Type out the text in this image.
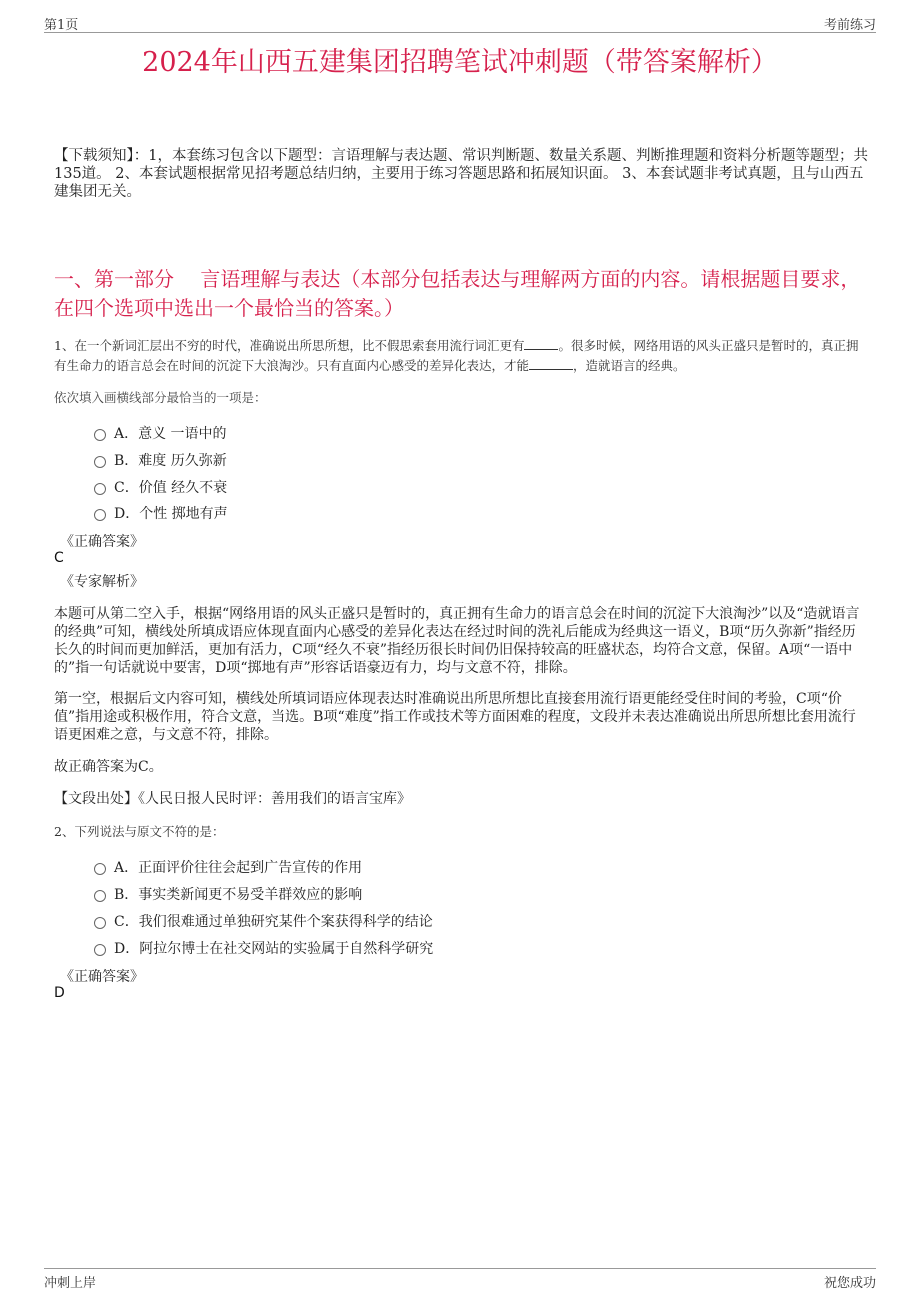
第1页	考前练习
2024年山西五建集团招聘笔试冲刺题（带答案解析）
【下载须知】：1，本套练习包含以下题型：言语理解与表达题、常识判断题、数量关系题、判断推理题和资料分析题等题型；共135道。 2、本套试题根据常见招考题总结归纳，主要用于练习答题思路和拓展知识面。 3、本套试题非考试真题，且与山西五建集团无关。
一、第一部分　 言语理解与表达（本部分包括表达与理解两方面的内容。请根据题目要求，在四个选项中选出一个最恰当的答案。）
1、在一个新词汇层出不穷的时代，准确说出所思所想，比不假思索套用流行词汇更有	。很多时候，网络用语的风头正盛只是暂时的，真正拥有生命力的语言总会在时间的沉淀下大浪淘沙。只有直面内心感受的差异化表达，才能	，造就语言的经典。
依次填入画横线部分最恰当的一项是：
A．意义 一语中的
B．难度 历久弥新
C．价值 经久不衰
D．个性 掷地有声
《正确答案》
C
《专家解析》
本题可从第二空入手，根据“网络用语的风头正盛只是暂时的，真正拥有生命力的语言总会在时间的沉淀下大浪淘沙”以及“造就语言的经典”可知，横线处所填成语应体现直面内心感受的差异化表达在经过时间的洗礼后能成为经典这一语义，B项“历久弥新”指经历长久的时间而更加鲜活，更加有活力，C项“经久不衰”指经历很长时间仍旧保持较高的旺盛状态，均符合文意，保留。A项“一语中的”指一句话就说中要害，D项“掷地有声”形容话语豪迈有力，均与文意不符，排除。
第一空，根据后文内容可知，横线处所填词语应体现表达时准确说出所思所想比直接套用流行语更能经受住时间的考验，C项“价值”指用途或积极作用，符合文意，当选。B项“难度”指工作或技术等方面困难的程度，文段并未表达准确说出所思所想比套用流行语更困难之意，与文意不符，排除。
故正确答案为C。
【文段出处】《人民日报人民时评：善用我们的语言宝库》
2、下列说法与原文不符的是：
A．正面评价往往会起到广告宣传的作用
B．事实类新闻更不易受羊群效应的影响
C．我们很难通过单独研究某件个案获得科学的结论
D．阿拉尔博士在社交网站的实验属于自然科学研究
《正确答案》
D
冲刺上岸	祝您成功
